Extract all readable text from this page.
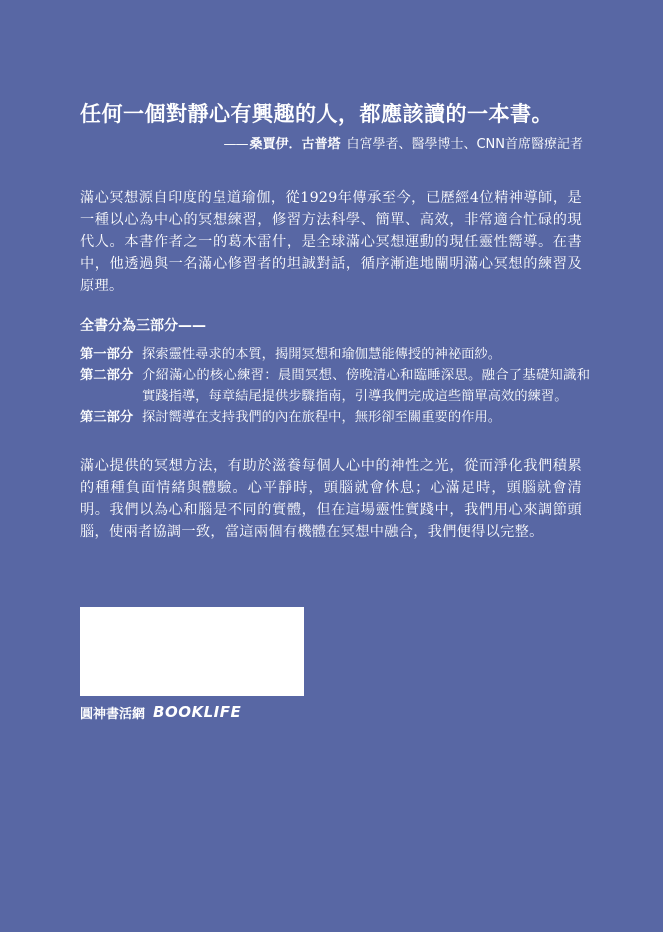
任何一個對靜心有興趣的人，都應該讀的一本書。
—— 桑賈伊．古普塔 白宮學者、醫學博士、CNN首席醫療記者
滿心冥想源自印度的皇道瑜伽，從1929年傳承至今，已歷經4位精神導師，是一種以心為中心的冥想練習，修習方法科學、簡單、高效，非常適合忙碌的現代人。本書作者之一的葛木雷什，是全球滿心冥想運動的現任靈性嚮導。在書中，他透過與一名滿心修習者的坦誠對話，循序漸進地闡明滿心冥想的練習及原理。
全書分為三部分——
第一部分 探索靈性尋求的本質，揭開冥想和瑜伽慧能傳授的神祕面紗。
第二部分 介紹滿心的核心練習：晨間冥想、傍晚清心和臨睡深思。融合了基礎知識和實踐指導，每章結尾提供步驟指南，引導我們完成這些簡單高效的練習。
第三部分 探討嚮導在支持我們的內在旅程中，無形卻至關重要的作用。
滿心提供的冥想方法，有助於滋養每個人心中的神性之光，從而淨化我們積累的種種負面情緒與體驗。心平靜時，頭腦就會休息；心滿足時，頭腦就會清明。我們以為心和腦是不同的實體，但在這場靈性實踐中，我們用心來調節頭腦，使兩者協調一致，當這兩個有機體在冥想中融合，我們便得以完整。
圓神書活網 BOOKLIFE
